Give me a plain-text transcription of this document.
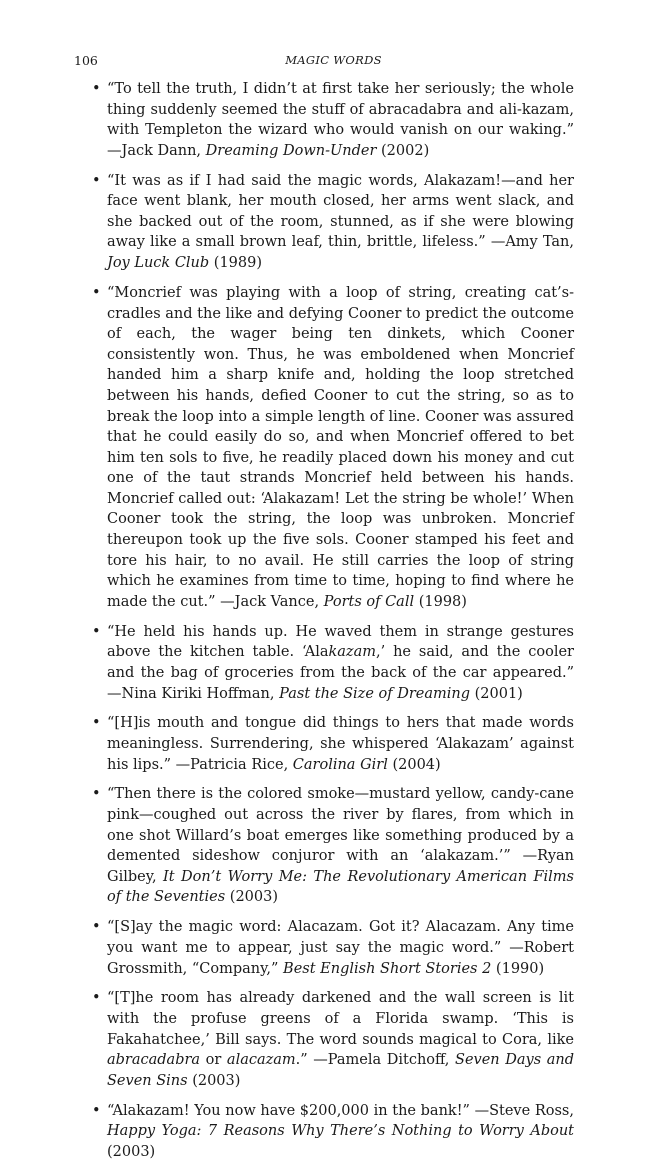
106	MAGIC WORDS
• “To tell the truth, I didn’t at first take her seriously; the whole thing suddenly seemed the stuff of abracadabra and ali-kazam, with Templeton the wizard who would vanish on our waking.” —Jack Dann, Dreaming Down-Under (2002)
• “It was as if I had said the magic words, Alakazam!—and her face went blank, her mouth closed, her arms went slack, and she backed out of the room, stunned, as if she were blowing away like a small brown leaf, thin, brittle, lifeless.” —Amy Tan, Joy Luck Club (1989)
• “Moncrief was playing with a loop of string, creating cat’s-cradles and the like and defying Cooner to predict the outcome of each, the wager being ten dinkets, which Cooner consistently won. Thus, he was emboldened when Moncrief handed him a sharp knife and, holding the loop stretched between his hands, defied Cooner to cut the string, so as to break the loop into a simple length of line. Cooner was assured that he could easily do so, and when Moncrief offered to bet him ten sols to five, he readily placed down his money and cut one of the taut strands Moncrief held between his hands. Moncrief called out: ‘Alakazam! Let the string be whole!’ When Cooner took the string, the loop was unbroken. Moncrief thereupon took up the five sols. Cooner stamped his feet and tore his hair, to no avail. He still carries the loop of string which he examines from time to time, hoping to find where he made the cut.” —Jack Vance, Ports of Call (1998)
• “He held his hands up. He waved them in strange gestures above the kitchen table. ‘Alakazam,’ he said, and the cooler and the bag of groceries from the back of the car appeared.” —Nina Kiriki Hoffman, Past the Size of Dreaming (2001)
• “[H]is mouth and tongue did things to hers that made words meaningless. Surrendering, she whispered ‘Alakazam’ against his lips.” —Patricia Rice, Carolina Girl (2004)
• “Then there is the colored smoke—mustard yellow, candy-cane pink—coughed out across the river by flares, from which in one shot Willard’s boat emerges like something produced by a demented sideshow conjuror with an ‘alakazam.’” —Ryan Gilbey, It Don’t Worry Me: The Revolutionary American Films of the Seventies (2003)
• “[S]ay the magic word: Alacazam. Got it? Alacazam. Any time you want me to appear, just say the magic word.” —Robert Grossmith, “Company,” Best English Short Stories 2 (1990)
• “[T]he room has already darkened and the wall screen is lit with the profuse greens of a Florida swamp. ‘This is Fakahatchee,’ Bill says. The word sounds magical to Cora, like abracadabra or alacazam.” —Pamela Ditchoff, Seven Days and Seven Sins (2003)
• “Alakazam! You now have $200,000 in the bank!” —Steve Ross, Happy Yoga: 7 Reasons Why There’s Nothing to Worry About (2003)
